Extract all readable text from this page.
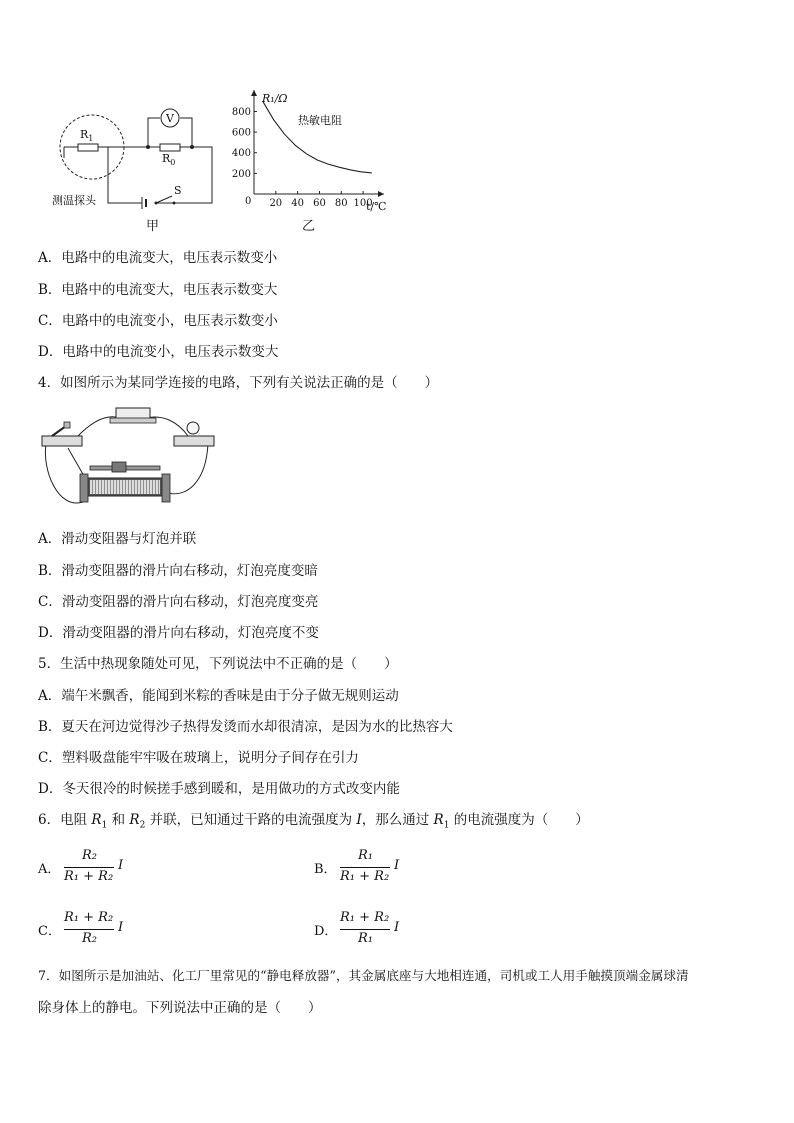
$R_1$
$R_0$
V
S
测温探头
甲
20 40 60 80 100
200
400
600
800
R₁/Ω
t/℃
热敏电阻
0
乙
A．电路中的电流变大，电压表示数变小
B．电路中的电流变大，电压表示数变大
C．电路中的电流变小，电压表示数变小
D．电路中的电流变小，电压表示数变大
4．如图所示为某同学连接的电路，下列有关说法正确的是（　　）
A．滑动变阻器与灯泡并联
B．滑动变阻器的滑片向右移动，灯泡亮度变暗
C．滑动变阻器的滑片向右移动，灯泡亮度变亮
D．滑动变阻器的滑片向右移动，灯泡亮度不变
5．生活中热现象随处可见，下列说法中不正确的是（　　）
A．端午米飘香，能闻到米粽的香味是由于分子做无规则运动
B．夏天在河边觉得沙子热得发烫而水却很清凉，是因为水的比热容大
C．塑料吸盘能牢牢吸在玻璃上，说明分子间存在引力
D．冬天很冷的时候搓手感到暖和，是用做功的方式改变内能
6．电阻 $R_1$ 和 $R_2$ 并联，已知通过干路的电流强度为 I，那么通过 $R_1$ 的电流强度为（　　）
A．
R₂
R₁ + R₂
I	B．
R₁
R₁ + R₂
I
C．
R₁ + R₂
R₂
I	D．
R₁ + R₂
R₁
I
7．如图所示是加油站、化工厂里常见的“静电释放器”，其金属底座与大地相连通，司机或工人用手触摸顶端金属球清
除身体上的静电。下列说法中正确的是（　　）
